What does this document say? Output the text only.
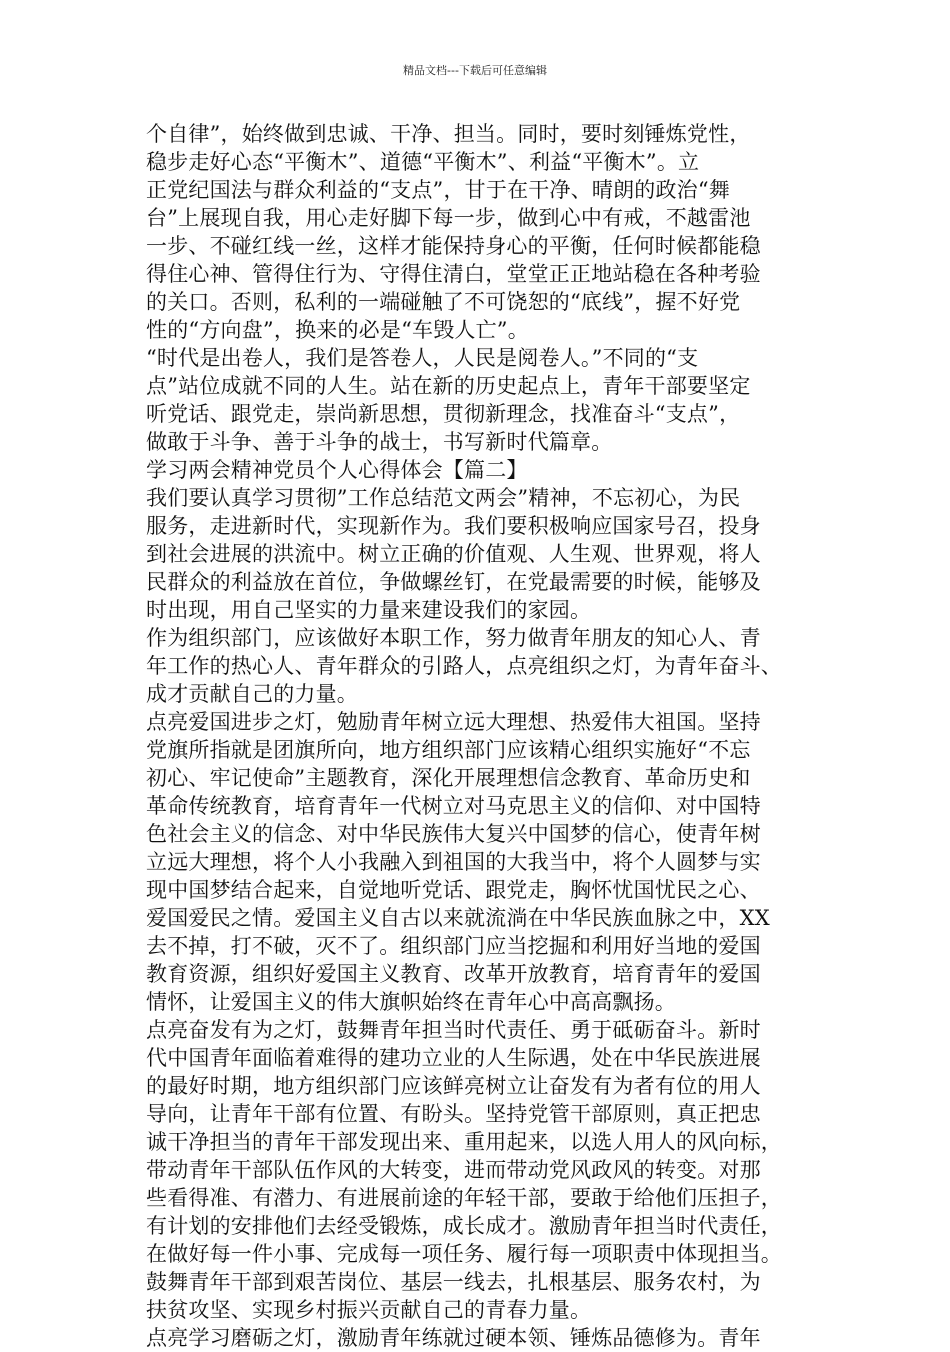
精品文档---下载后可任意编辑
个自律”，始终做到忠诚、干净、担当。同时，要时刻锤炼党性，
稳步走好心态“平衡木”、道德“平衡木”、利益“平衡木”。立
正党纪国法与群众利益的“支点”，甘于在干净、晴朗的政治“舞
台”上展现自我，用心走好脚下每一步，做到心中有戒，不越雷池
一步、不碰红线一丝，这样才能保持身心的平衡，任何时候都能稳
得住心神、管得住行为、守得住清白，堂堂正正地站稳在各种考验
的关口。否则，私利的一端碰触了不可饶恕的“底线”，握不好党
性的“方向盘”，换来的必是“车毁人亡”。
“时代是出卷人，我们是答卷人，人民是阅卷人。”不同的“支
点”站位成就不同的人生。站在新的历史起点上，青年干部要坚定
听党话、跟党走，崇尚新思想，贯彻新理念，找准奋斗“支点”，
做敢于斗争、善于斗争的战士，书写新时代篇章。
学习两会精神党员个人心得体会【篇二】
我们要认真学习贯彻”工作总结范文两会”精神，不忘初心，为民
服务，走进新时代，实现新作为。我们要积极响应国家号召，投身
到社会进展的洪流中。树立正确的价值观、人生观、世界观，将人
民群众的利益放在首位，争做螺丝钉，在党最需要的时候，能够及
时出现，用自己坚实的力量来建设我们的家园。
作为组织部门，应该做好本职工作，努力做青年朋友的知心人、青
年工作的热心人、青年群众的引路人，点亮组织之灯，为青年奋斗、
成才贡献自己的力量。
点亮爱国进步之灯，勉励青年树立远大理想、热爱伟大祖国。坚持
党旗所指就是团旗所向，地方组织部门应该精心组织实施好“不忘
初心、牢记使命”主题教育，深化开展理想信念教育、革命历史和
革命传统教育，培育青年一代树立对马克思主义的信仰、对中国特
色社会主义的信念、对中华民族伟大复兴中国梦的信心，使青年树
立远大理想，将个人小我融入到祖国的大我当中，将个人圆梦与实
现中国梦结合起来，自觉地听党话、跟党走，胸怀忧国忧民之心、
爱国爱民之情。爱国主义自古以来就流淌在中华民族血脉之中，XX
去不掉，打不破，灭不了。组织部门应当挖掘和利用好当地的爱国
教育资源，组织好爱国主义教育、改革开放教育，培育青年的爱国
情怀，让爱国主义的伟大旗帜始终在青年心中高高飘扬。
点亮奋发有为之灯，鼓舞青年担当时代责任、勇于砥砺奋斗。新时
代中国青年面临着难得的建功立业的人生际遇，处在中华民族进展
的最好时期，地方组织部门应该鲜亮树立让奋发有为者有位的用人
导向，让青年干部有位置、有盼头。坚持党管干部原则，真正把忠
诚干净担当的青年干部发现出来、重用起来，以选人用人的风向标，
带动青年干部队伍作风的大转变，进而带动党风政风的转变。对那
些看得准、有潜力、有进展前途的年轻干部，要敢于给他们压担子，
有计划的安排他们去经受锻炼，成长成才。激励青年担当时代责任，
在做好每一件小事、完成每一项任务、履行每一项职责中体现担当。
鼓舞青年干部到艰苦岗位、基层一线去，扎根基层、服务农村，为
扶贫攻坚、实现乡村振兴贡献自己的青春力量。
点亮学习磨砺之灯，激励青年练就过硬本领、锤炼品德修为。青年
